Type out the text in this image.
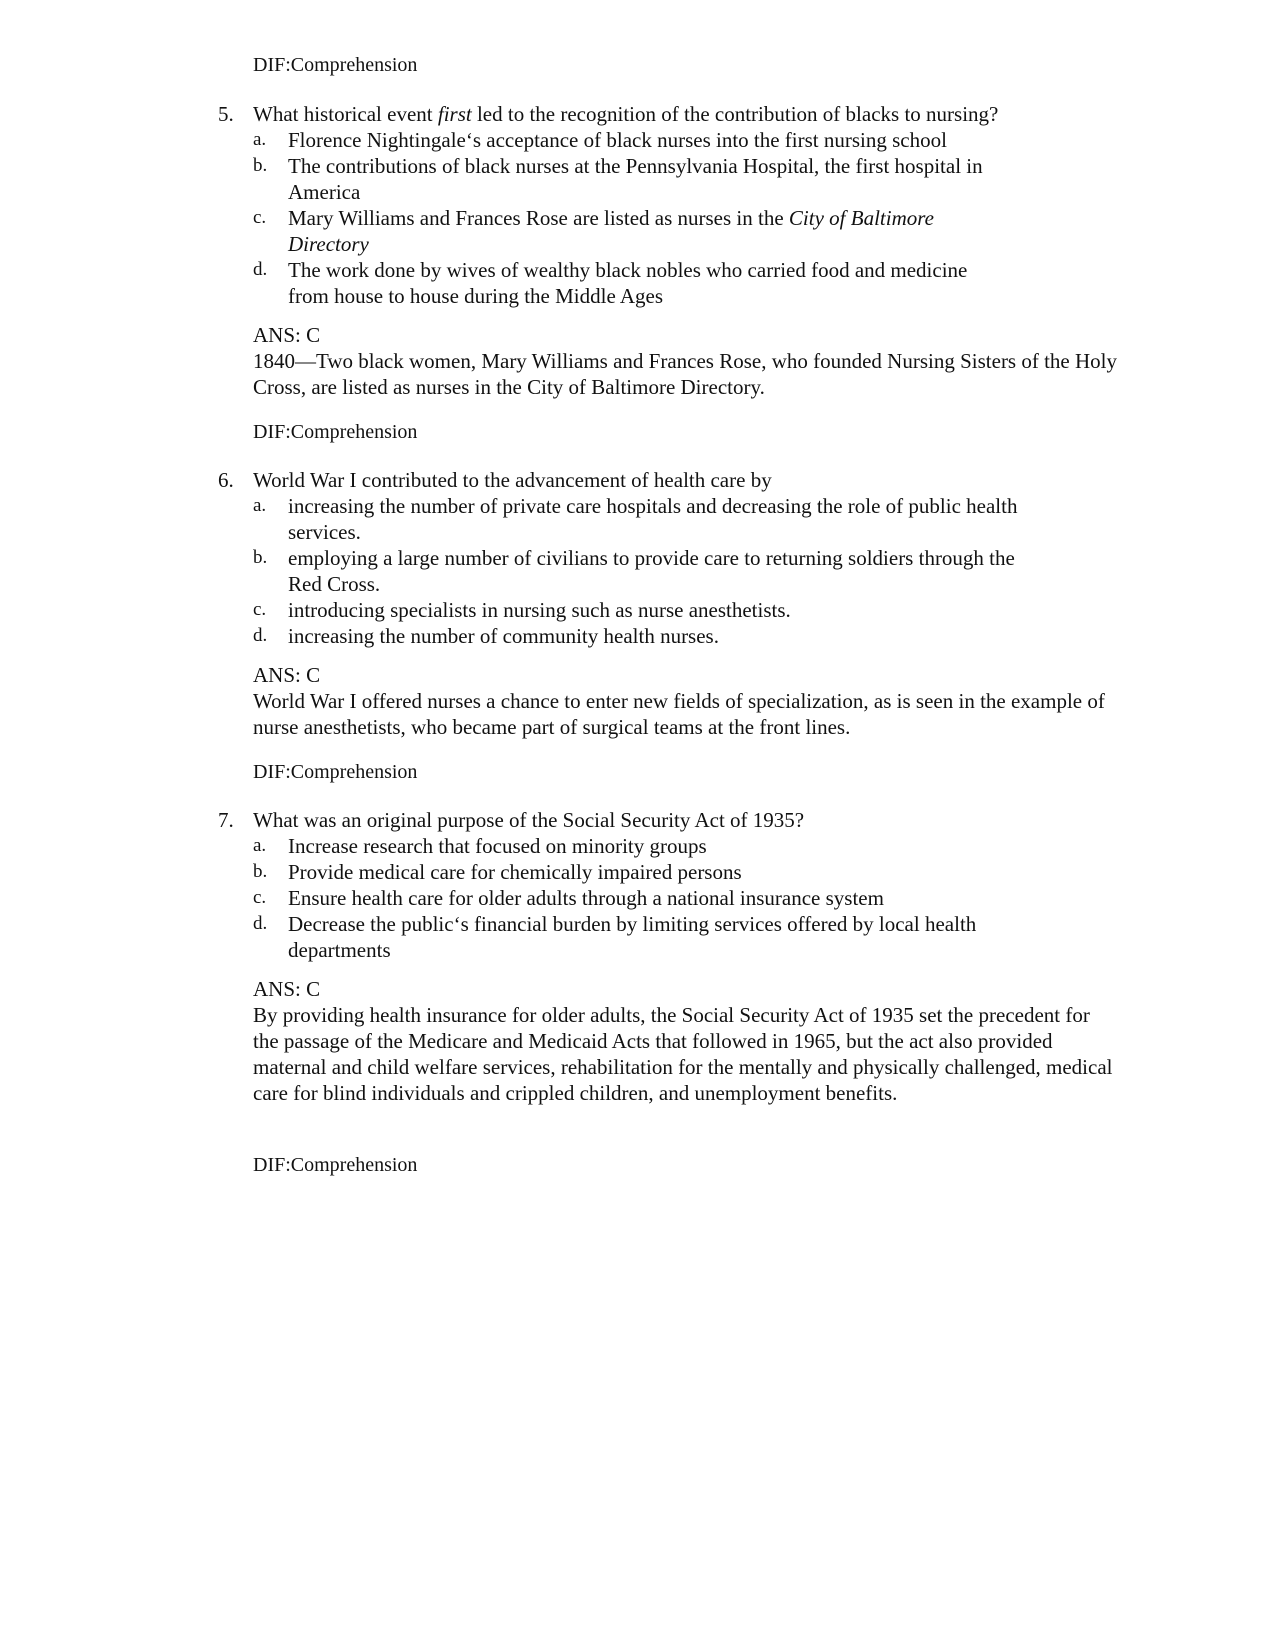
DIF:Comprehension

5. What historical event first led to the recognition of the contribution of blacks to nursing?
a. Florence Nightingale‘s acceptance of black nurses into the first nursing school
b. The contributions of black nurses at the Pennsylvania Hospital, the first hospital in America
c. Mary Williams and Frances Rose are listed as nurses in the City of Baltimore Directory
d. The work done by wives of wealthy black nobles who carried food and medicine from house to house during the Middle Ages
ANS: C
1840—Two black women, Mary Williams and Frances Rose, who founded Nursing Sisters of the Holy Cross, are listed as nurses in the City of Baltimore Directory.

DIF:Comprehension

6. World War I contributed to the advancement of health care by
a. increasing the number of private care hospitals and decreasing the role of public health services.
b. employing a large number of civilians to provide care to returning soldiers through the Red Cross.
c. introducing specialists in nursing such as nurse anesthetists.
d. increasing the number of community health nurses.
ANS: C
World War I offered nurses a chance to enter new fields of specialization, as is seen in the example of nurse anesthetists, who became part of surgical teams at the front lines.

DIF:Comprehension

7. What was an original purpose of the Social Security Act of 1935?
a. Increase research that focused on minority groups
b. Provide medical care for chemically impaired persons
c. Ensure health care for older adults through a national insurance system
d. Decrease the public‘s financial burden by limiting services offered by local health departments
ANS: C
By providing health insurance for older adults, the Social Security Act of 1935 set the precedent for the passage of the Medicare and Medicaid Acts that followed in 1965, but the act also provided maternal and child welfare services, rehabilitation for the mentally and physically challenged, medical care for blind individuals and crippled children, and unemployment benefits.

DIF:Comprehension
